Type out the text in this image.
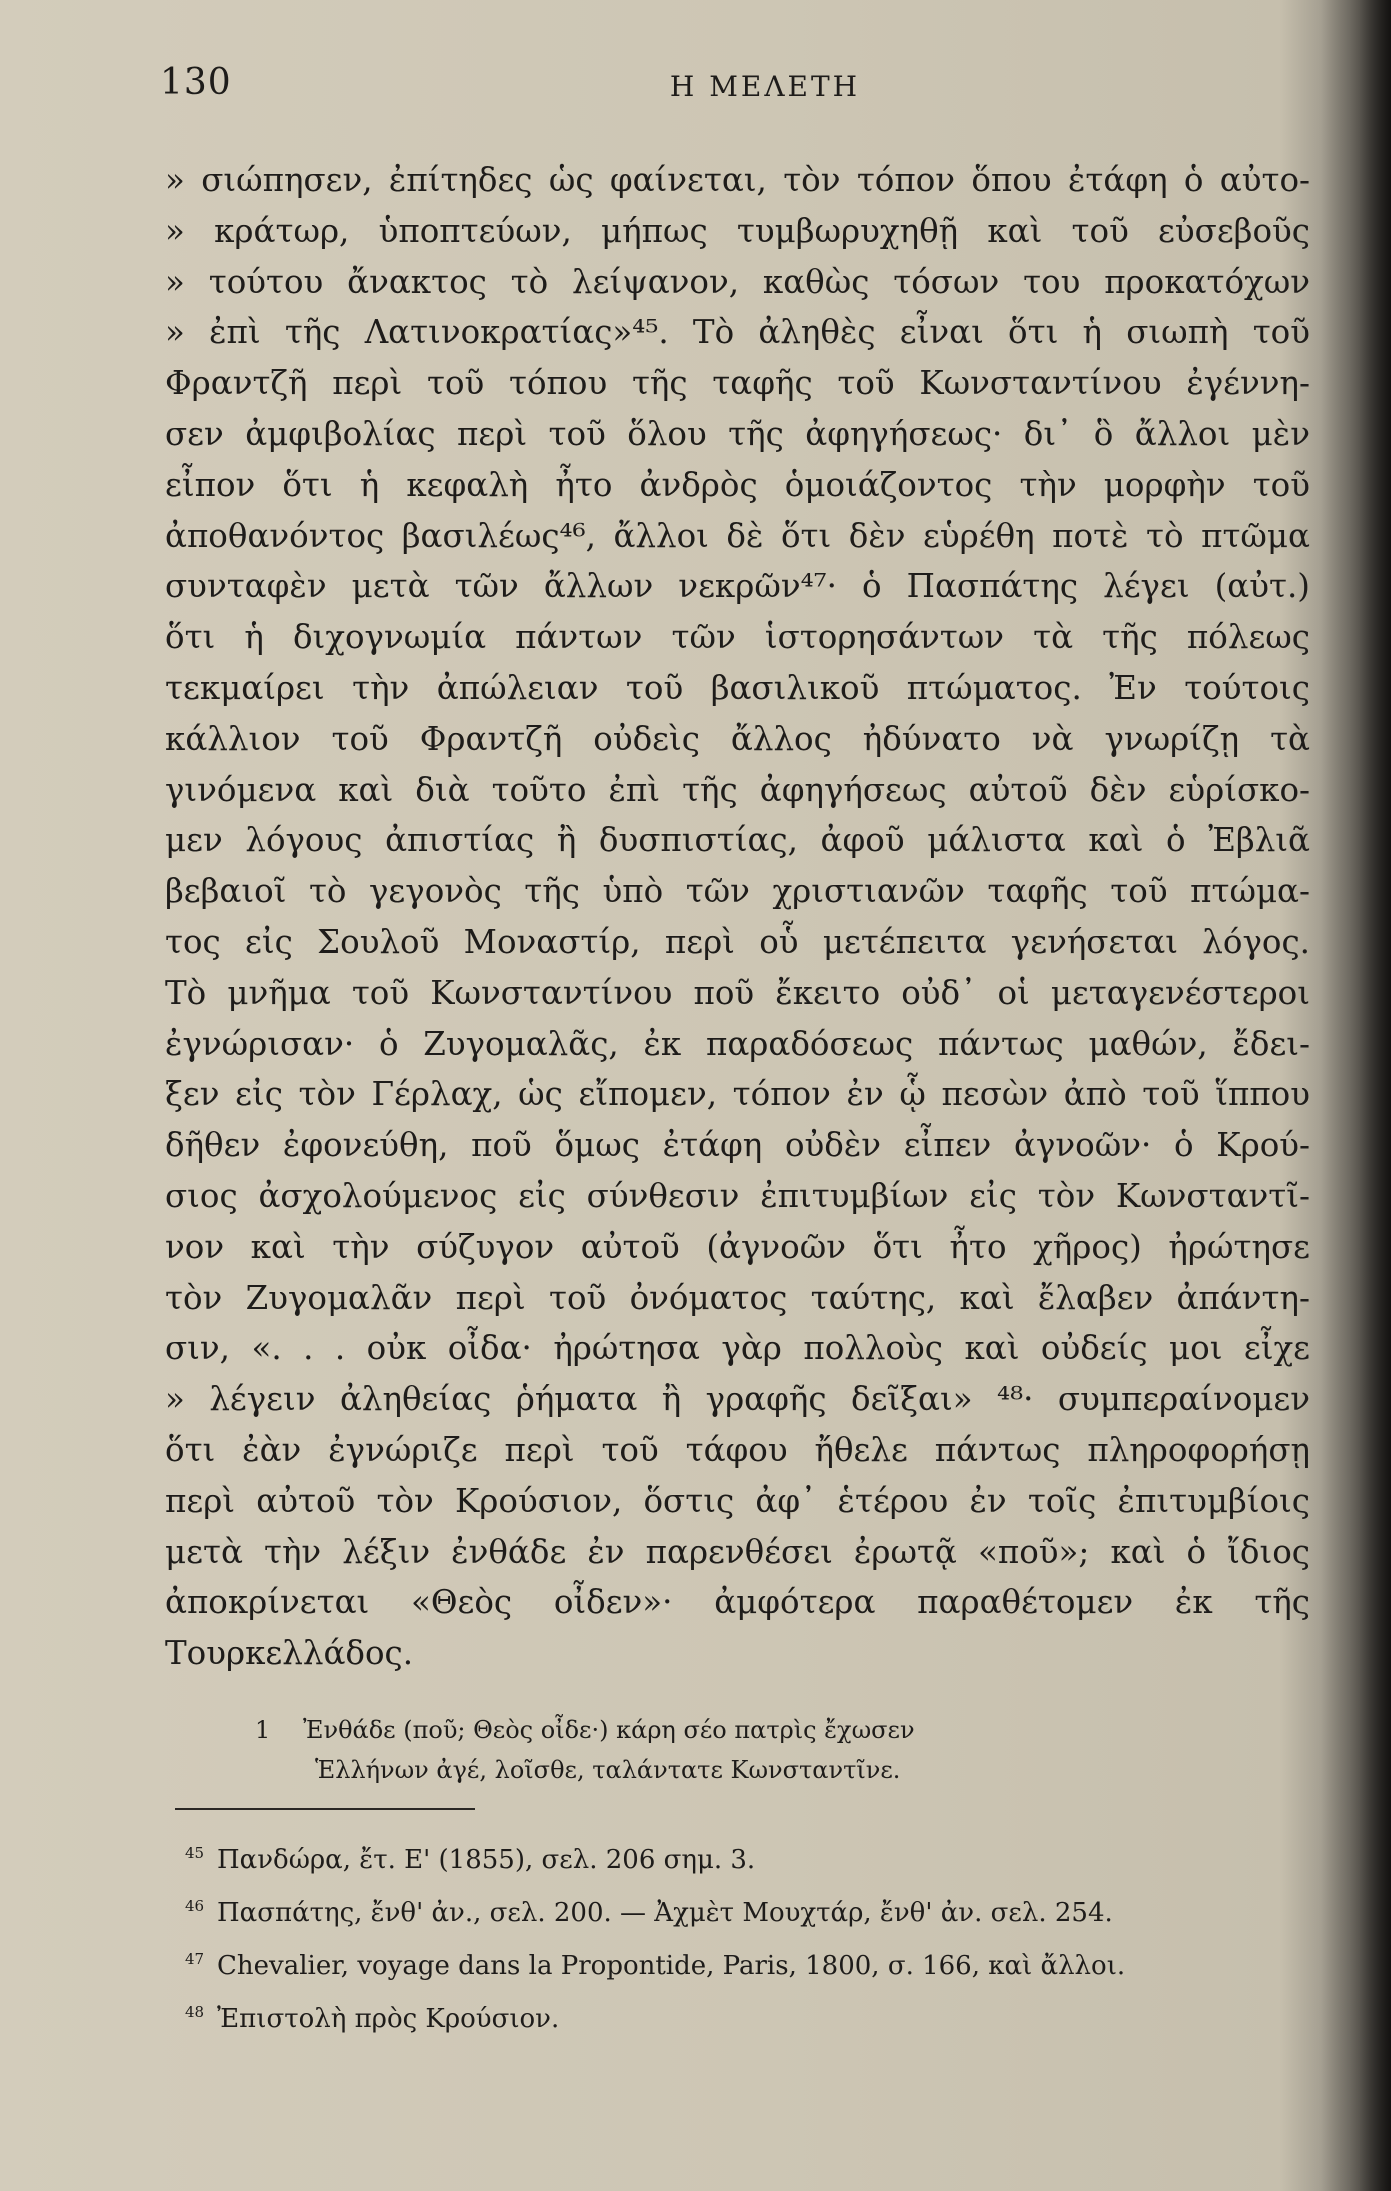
130	Η ΜΕΛΕΤΗ
» σιώπησεν, ἐπίτηδες ὡς φαίνεται, τὸν τόπον ὅπου ἐτάφη ὁ αὐτο-
» κράτωρ, ὑποπτεύων, μήπως τυμβωρυχηθῇ καὶ τοῦ εὐσεβοῦς
» τούτου ἄνακτος τὸ λείψανον, καθὼς τόσων του προκατόχων
» ἐπὶ τῆς Λατινοκρατίας»⁴⁵. Τὸ ἀληθὲς εἶναι ὅτι ἡ σιωπὴ τοῦ
Φραντζῆ περὶ τοῦ τόπου τῆς ταφῆς τοῦ Κωνσταντίνου ἐγέννη-
σεν ἀμφιβολίας περὶ τοῦ ὅλου τῆς ἀφηγήσεως· δι᾽ ὃ ἄλλοι μὲν
εἶπον ὅτι ἡ κεφαλὴ ἦτο ἀνδρὸς ὁμοιάζοντος τὴν μορφὴν τοῦ
ἀποθανόντος βασιλέως⁴⁶, ἄλλοι δὲ ὅτι δὲν εὑρέθη ποτὲ τὸ πτῶμα
συνταφὲν μετὰ τῶν ἄλλων νεκρῶν⁴⁷· ὁ Πασπάτης λέγει (αὐτ.)
ὅτι ἡ διχογνωμία πάντων τῶν ἱστορησάντων τὰ τῆς πόλεως
τεκμαίρει τὴν ἀπώλειαν τοῦ βασιλικοῦ πτώματος. Ἐν τούτοις
κάλλιον τοῦ Φραντζῆ οὐδεὶς ἄλλος ἠδύνατο νὰ γνωρίζῃ τὰ
γινόμενα καὶ διὰ τοῦτο ἐπὶ τῆς ἀφηγήσεως αὐτοῦ δὲν εὑρίσκο-
μεν λόγους ἀπιστίας ἢ δυσπιστίας, ἀφοῦ μάλιστα καὶ ὁ Ἐβλιᾶ
βεβαιοῖ τὸ γεγονὸς τῆς ὑπὸ τῶν χριστιανῶν ταφῆς τοῦ πτώμα-
τος εἰς Σουλοῦ Μοναστίρ, περὶ οὗ μετέπειτα γενήσεται λόγος.
Τὸ μνῆμα τοῦ Κωνσταντίνου ποῦ ἔκειτο οὐδ᾽ οἱ μεταγενέστεροι
ἐγνώρισαν· ὁ Ζυγομαλᾶς, ἐκ παραδόσεως πάντως μαθών, ἔδει-
ξεν εἰς τὸν Γέρλαχ, ὡς εἴπομεν, τόπον ἐν ᾧ πεσὼν ἀπὸ τοῦ ἵππου
δῆθεν ἐφονεύθη, ποῦ ὅμως ἐτάφη οὐδὲν εἶπεν ἀγνοῶν· ὁ Κρού-
σιος ἀσχολούμενος εἰς σύνθεσιν ἐπιτυμβίων εἰς τὸν Κωνσταντῖ-
νον καὶ τὴν σύζυγον αὐτοῦ (ἀγνοῶν ὅτι ἦτο χῆρος) ἠρώτησε
τὸν Ζυγομαλᾶν περὶ τοῦ ὀνόματος ταύτης, καὶ ἔλαβεν ἀπάντη-
σιν, «. . . οὐκ οἶδα· ἠρώτησα γὰρ πολλοὺς καὶ οὐδείς μοι εἶχε
» λέγειν ἀληθείας ῥήματα ἢ γραφῆς δεῖξαι» ⁴⁸· συμπεραίνομεν
ὅτι ἐὰν ἐγνώριζε περὶ τοῦ τάφου ἤθελε πάντως πληροφορήσῃ
περὶ αὐτοῦ τὸν Κρούσιον, ὅστις ἀφ᾽ ἑτέρου ἐν τοῖς ἐπιτυμβίοις
μετὰ τὴν λέξιν ἐνθάδε ἐν παρενθέσει ἐρωτᾷ «ποῦ»; καὶ ὁ ἴδιος
ἀποκρίνεται «Θεὸς οἶδεν»· ἀμφότερα παραθέτομεν ἐκ τῆς
Τουρκελλάδος.
1	Ἐνθάδε (ποῦ; Θεὸς οἶδε·) κάρη σέο πατρὶς ἔχωσεν
Ἑλλήνων ἀγέ, λοῖσθε, ταλάντατε Κωνσταντῖνε.
45 Πανδώρα, ἔτ. Ε' (1855), σελ. 206 σημ. 3.
46 Πασπάτης, ἔνθ' ἀν., σελ. 200. — Ἀχμὲτ Μουχτάρ, ἔνθ' ἀν. σελ. 254.
47 Chevalier, voyage dans la Propontide, Paris, 1800, σ. 166, καὶ ἄλλοι.
48 Ἐπιστολὴ πρὸς Κρούσιον.
